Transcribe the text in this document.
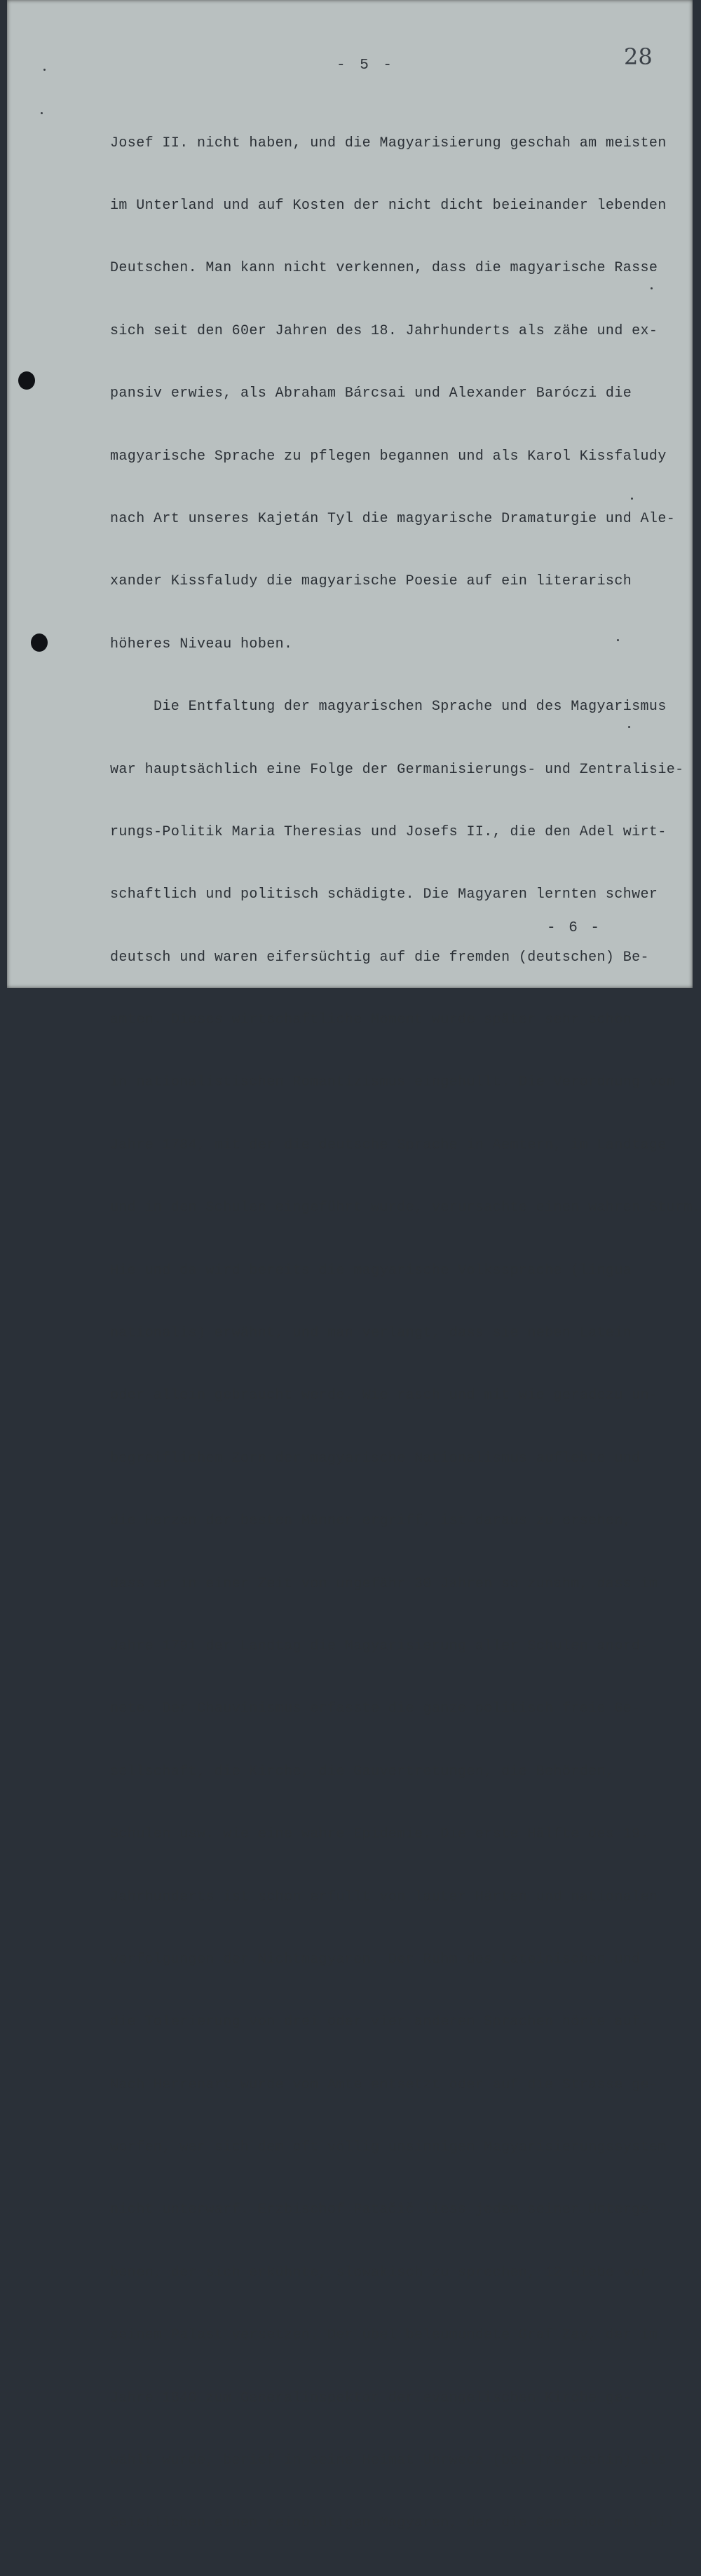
- 5 -	28

Josef II. nicht haben, und die Magyarisierung geschah am meisten

im Unterland und auf Kosten der nicht dicht beieinander lebenden

Deutschen. Man kann nicht verkennen, dass die magyarische Rasse

sich seit den 60er Jahren des 18. Jahrhunderts als zähe und ex-

pansiv erwies, als Abraham Bárcsai und Alexander Baróczi die

magyarische Sprache zu pflegen begannen und als Karol Kissfaludy

nach Art unseres Kajetán Tyl die magyarische Dramaturgie und Ale-

xander Kissfaludy die magyarische Poesie auf ein literarisch

höheres Niveau hoben.

Die Entfaltung der magyarischen Sprache und des Magyarismus

war hauptsächlich eine Folge der Germanisierungs- und Zentralisie-

rungs-Politik Maria Theresias und Josefs II., die den Adel wirt-

schaftlich und politisch schädigte. Die Magyaren lernten schwer

deutsch und waren eifersüchtig auf die fremden (deutschen) Be-

amten. Dieses wirtschaftliche Moment wurde später sehr schön

in nationalistischen Romantizismus eingehüllt. Die Verordnung vom

Jahre 1784, mit der die deutsche Sprache in Aemtern, im Landtage

und in den Schulen eingeführt wurde, verursachte einen wahren Sturm.

Hie und da wird bereits die magyarische Volkssprache (lingua

nationalis) erwähnt, und man verlangt, dass sie neben Latein

oder allein gebraucht werde. Wie rasch und mit wie geradezu un-

begreiflichem Zorn der magyarische Nationalismus auflebte und

die Herzen der besten Männer ergriff, ist daraus zu ersehen,

dass er in einer Zeit von ungefähr 30 Jahren so zunahm, dass im

Jahre 1791 der Landtag die Magyarisierung aller Schulen anord-

nete. Der Chauvinismus erfasste die ganze politisch freie Ge-

sellschaft, die Kirche, die Gauvertretungen, die Behörden,

Schulen usw. wie eine wahre Epidemie. Die erste Hälfte des 19.

Jahrhunderts ist schon erfüllt von lauter Härten und nationalen

Verfolgungen der Nichtmagyaren. Der Ruhm des Lateinischen und

die Tolerierung von drei oder vier anderen Sprachen hörte auf.

Nach Herrenart wurde vom Amte entsetzt oder auf die Strasse ge-

worfen, wer sich dem oft völlig unsinnigen Magyarisierungssystem

nicht unterwarf. Erzbischof Patačič liess jedem seiner Unterge-

benen, der sich erkühnte, slowakisch zu sprechen, 12 Hiebe vor

seinem Palast versetzen. Der übel beleumundete Graf Zay, der im

Jahre 1840 zum Generalinspektor der evangelischen Kirche ge-

wählt wurde, berief in seine Heimat Uhrwecz (bei Trentschin) als

Geistlichen einen reinblütigen Magyaren, der die Gemeinde mit Hil-

- 6 -
